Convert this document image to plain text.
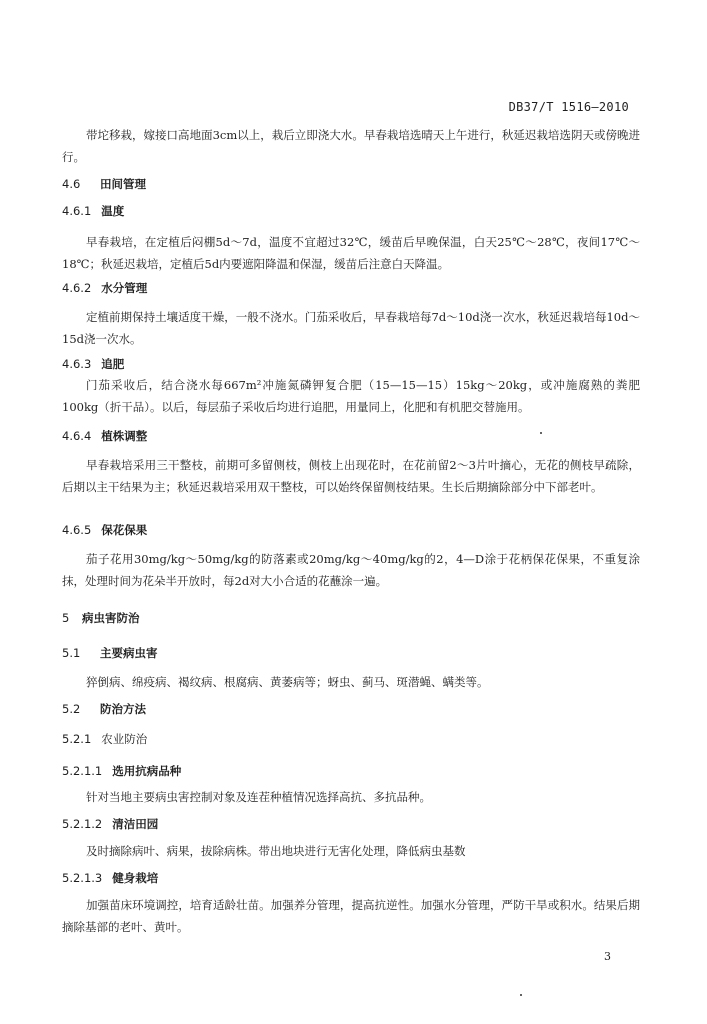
DB37/T 1516—2010
带坨移栽，嫁接口高地面3cm以上，栽后立即浇大水。早春栽培选晴天上午进行，秋延迟栽培选阴天或傍晚进行。
4.6 田间管理
4.6.1 温度
早春栽培，在定植后闷棚5d～7d，温度不宜超过32℃，缓苗后早晚保温，白天25℃～28℃，夜间17℃～18℃；秋延迟栽培，定植后5d内要遮阳降温和保湿，缓苗后注意白天降温。
4.6.2 水分管理
定植前期保持土壤适度干燥，一般不浇水。门茄采收后，早春栽培每7d～10d浇一次水，秋延迟栽培每10d～15d浇一次水。
4.6.3 追肥
门茄采收后，结合浇水每667m²冲施氮磷钾复合肥（15—15—15）15kg～20kg，或冲施腐熟的粪肥100kg（折干品）。以后，每层茄子采收后均进行追肥，用量同上，化肥和有机肥交替施用。
4.6.4 植株调整
早春栽培采用三干整枝，前期可多留侧枝，侧枝上出现花时，在花前留2～3片叶摘心，无花的侧枝早疏除，后期以主干结果为主；秋延迟栽培采用双干整枝，可以始终保留侧枝结果。生长后期摘除部分中下部老叶。
4.6.5 保花保果
茄子花用30mg/kg～50mg/kg的防落素或20mg/kg～40mg/kg的2，4—D涂于花柄保花保果，不重复涂抹，处理时间为花朵半开放时，每2d对大小合适的花蘸涂一遍。
5 病虫害防治
5.1 主要病虫害
猝倒病、绵疫病、褐纹病、根腐病、黄萎病等；蚜虫、蓟马、斑潜蝇、螨类等。
5.2 防治方法
5.2.1 农业防治
5.2.1.1 选用抗病品种
针对当地主要病虫害控制对象及连茬种植情况选择高抗、多抗品种。
5.2.1.2 清洁田园
及时摘除病叶、病果，拔除病株。带出地块进行无害化处理，降低病虫基数
5.2.1.3 健身栽培
加强苗床环境调控，培育适龄壮苗。加强养分管理，提高抗逆性。加强水分管理，严防干旱或积水。结果后期摘除基部的老叶、黄叶。
3
